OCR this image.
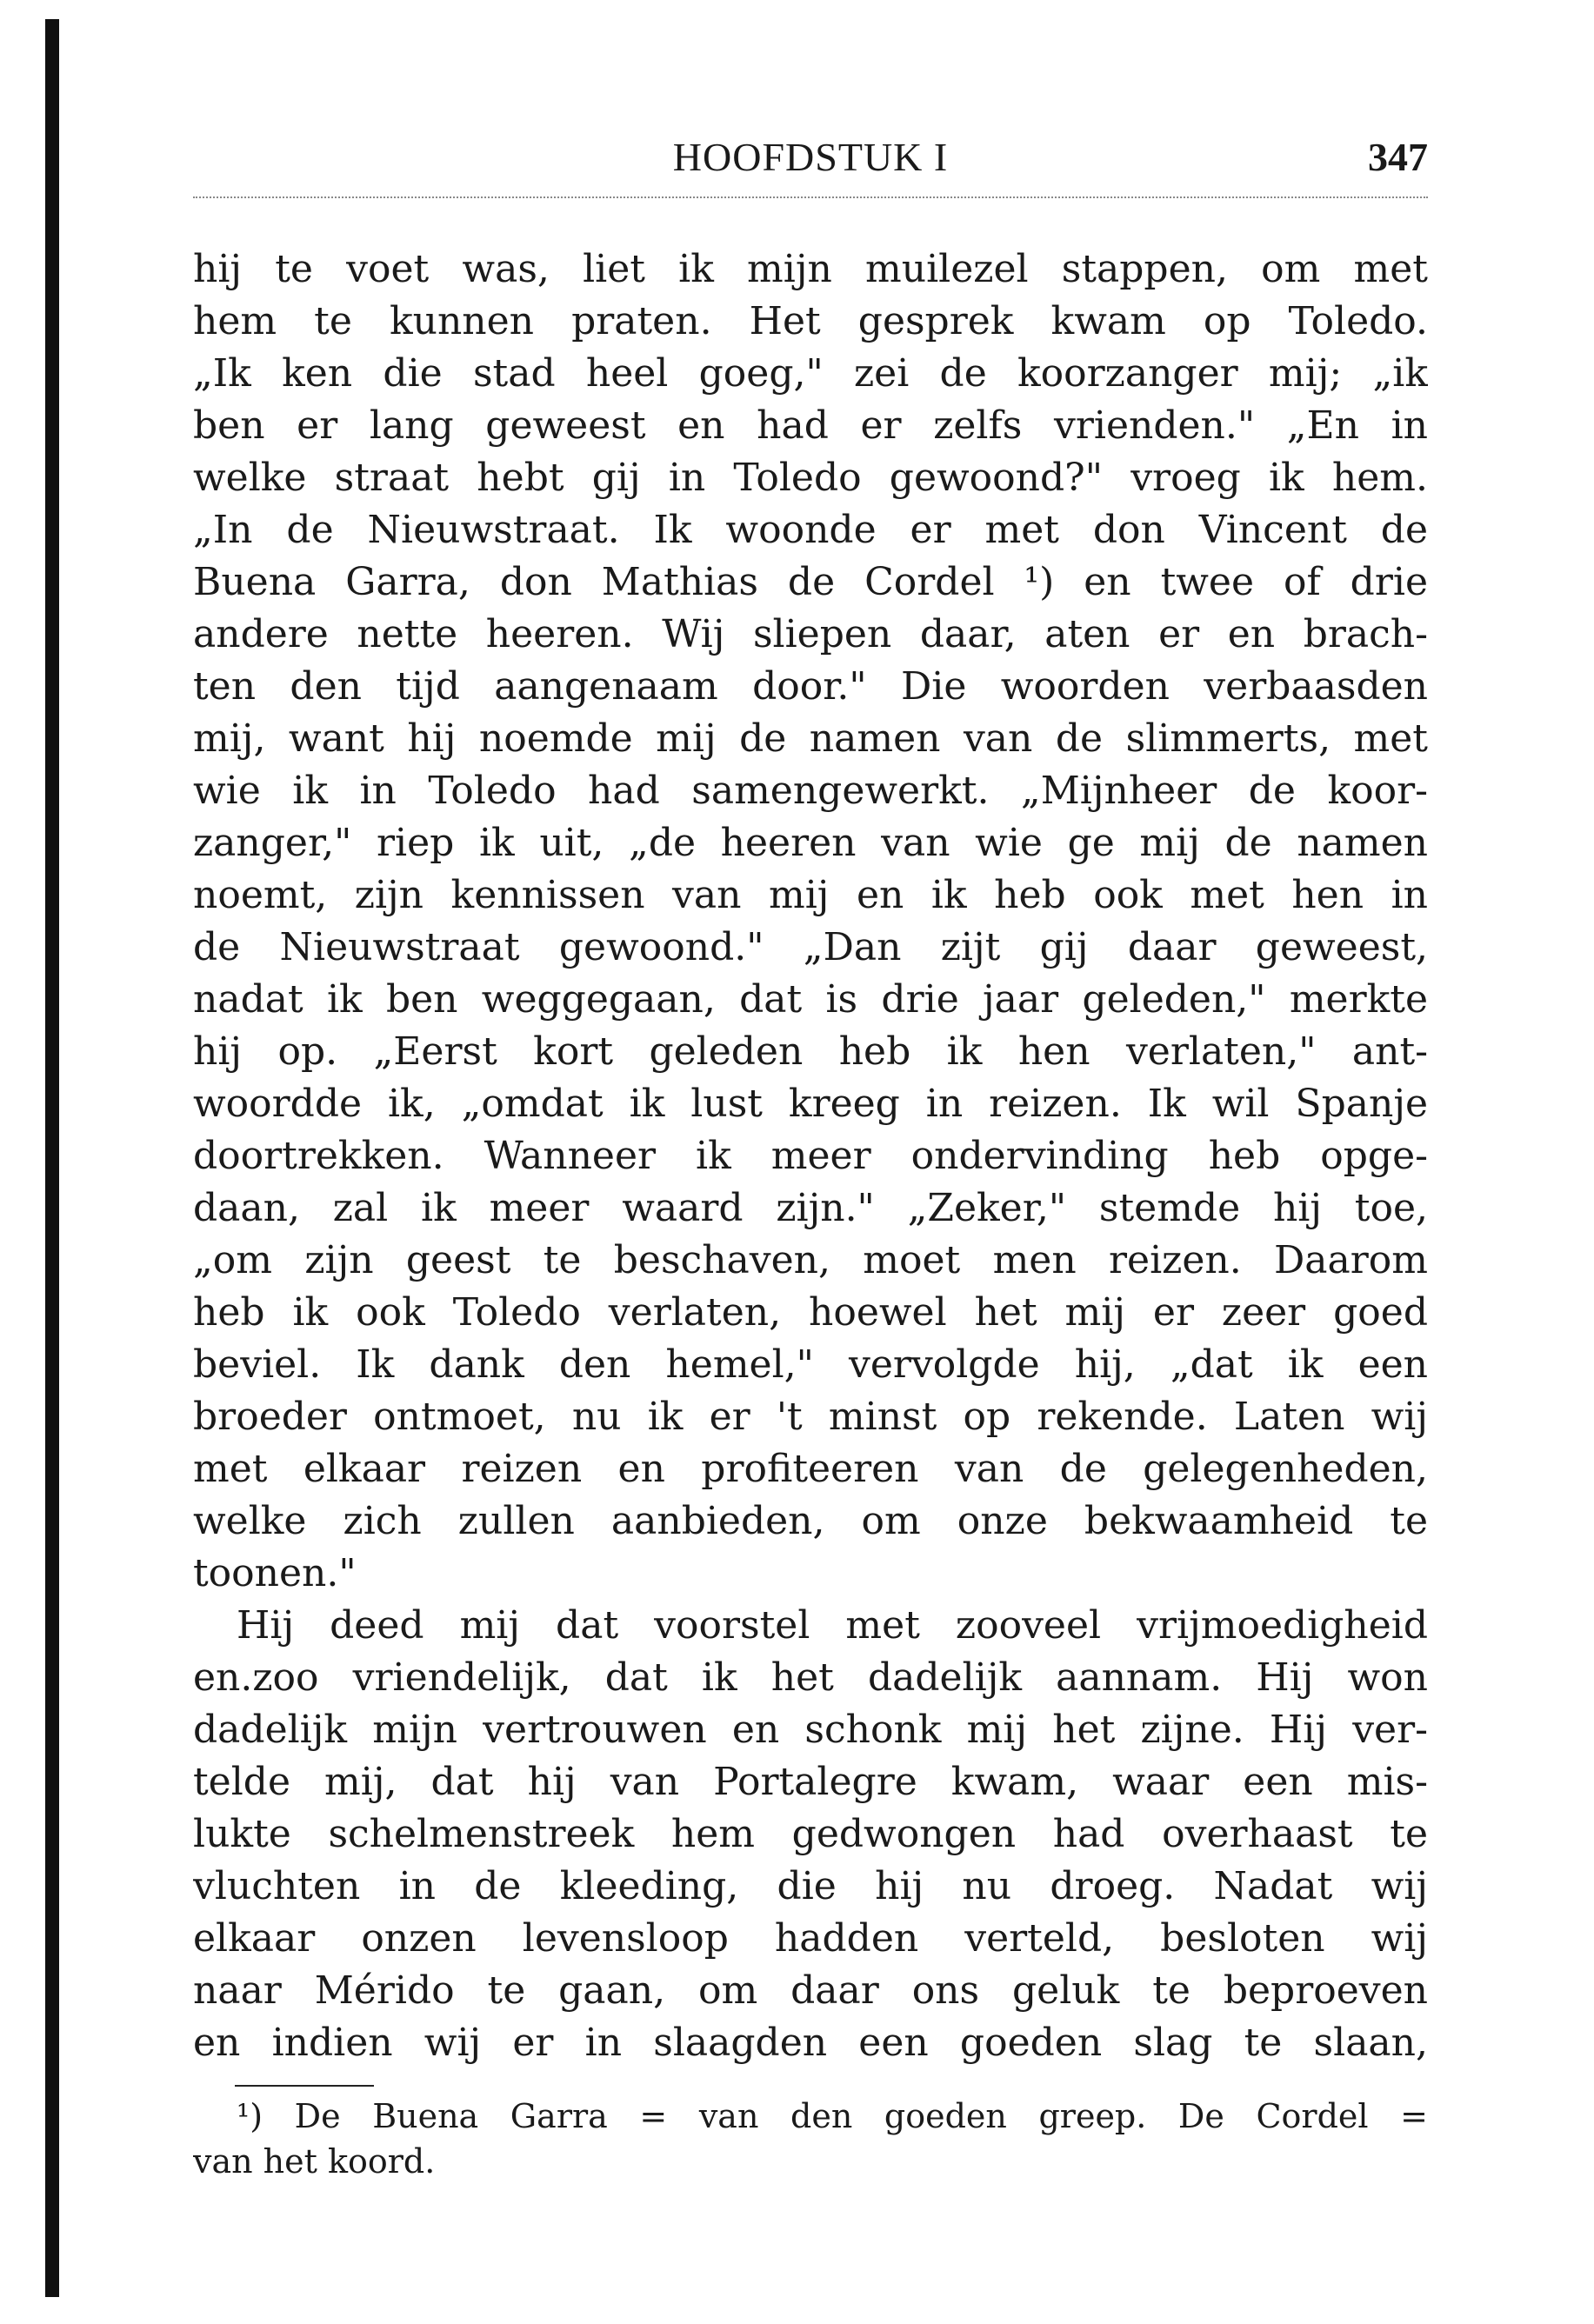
HOOFDSTUK I	347
hij te voet was, liet ik mijn muilezel stappen, om met
hem te kunnen praten. Het gesprek kwam op Toledo.
„Ik ken die stad heel goeg," zei de koorzanger mij; „ik
ben er lang geweest en had er zelfs vrienden." „En in
welke straat hebt gij in Toledo gewoond?" vroeg ik hem.
„In de Nieuwstraat. Ik woonde er met don Vincent de
Buena Garra, don Mathias de Cordel ¹) en twee of drie
andere nette heeren. Wij sliepen daar, aten er en brach-
ten den tijd aangenaam door." Die woorden verbaasden
mij, want hij noemde mij de namen van de slimmerts, met
wie ik in Toledo had samengewerkt. „Mijnheer de koor-
zanger," riep ik uit, „de heeren van wie ge mij de namen
noemt, zijn kennissen van mij en ik heb ook met hen in
de Nieuwstraat gewoond." „Dan zijt gij daar geweest,
nadat ik ben weggegaan, dat is drie jaar geleden," merkte
hij op. „Eerst kort geleden heb ik hen verlaten," ant-
woordde ik, „omdat ik lust kreeg in reizen. Ik wil Spanje
doortrekken. Wanneer ik meer ondervinding heb opge-
daan, zal ik meer waard zijn." „Zeker," stemde hij toe,
„om zijn geest te beschaven, moet men reizen. Daarom
heb ik ook Toledo verlaten, hoewel het mij er zeer goed
beviel. Ik dank den hemel," vervolgde hij, „dat ik een
broeder ontmoet, nu ik er 't minst op rekende. Laten wij
met elkaar reizen en profiteeren van de gelegenheden,
welke zich zullen aanbieden, om onze bekwaamheid te
toonen."
Hij deed mij dat voorstel met zooveel vrijmoedigheid
en.zoo vriendelijk, dat ik het dadelijk aannam. Hij won
dadelijk mijn vertrouwen en schonk mij het zijne. Hij ver-
telde mij, dat hij van Portalegre kwam, waar een mis-
lukte schelmenstreek hem gedwongen had overhaast te
vluchten in de kleeding, die hij nu droeg. Nadat wij
elkaar onzen levensloop hadden verteld, besloten wij
naar Mérido te gaan, om daar ons geluk te beproeven
en indien wij er in slaagden een goeden slag te slaan,
¹) De Buena Garra = van den goeden greep. De Cordel =
van het koord.
